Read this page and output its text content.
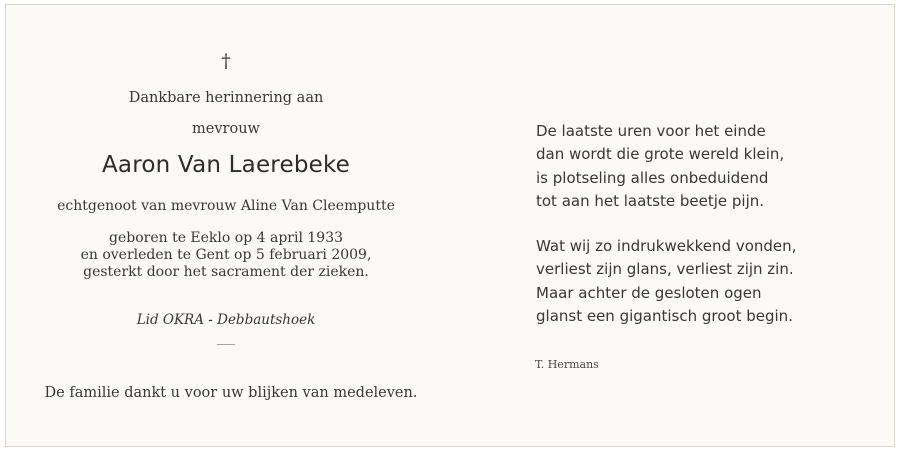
†
Dankbare herinnering aan
mevrouw
Aaron Van Laerebeke
echtgenoot van mevrouw Aline Van Cleemputte
geboren te Eeklo op 4 april 1933
en overleden te Gent op 5 februari 2009,
gesterkt door het sacrament der zieken.
Lid OKRA - Debbautshoek
De familie dankt u voor uw blijken van medeleven.
De laatste uren voor het einde
dan wordt die grote wereld klein,
is plotseling alles onbeduidend
tot aan het laatste beetje pijn.
Wat wij zo indrukwekkend vonden,
verliest zijn glans, verliest zijn zin.
Maar achter de gesloten ogen
glanst een gigantisch groot begin.
T. Hermans
